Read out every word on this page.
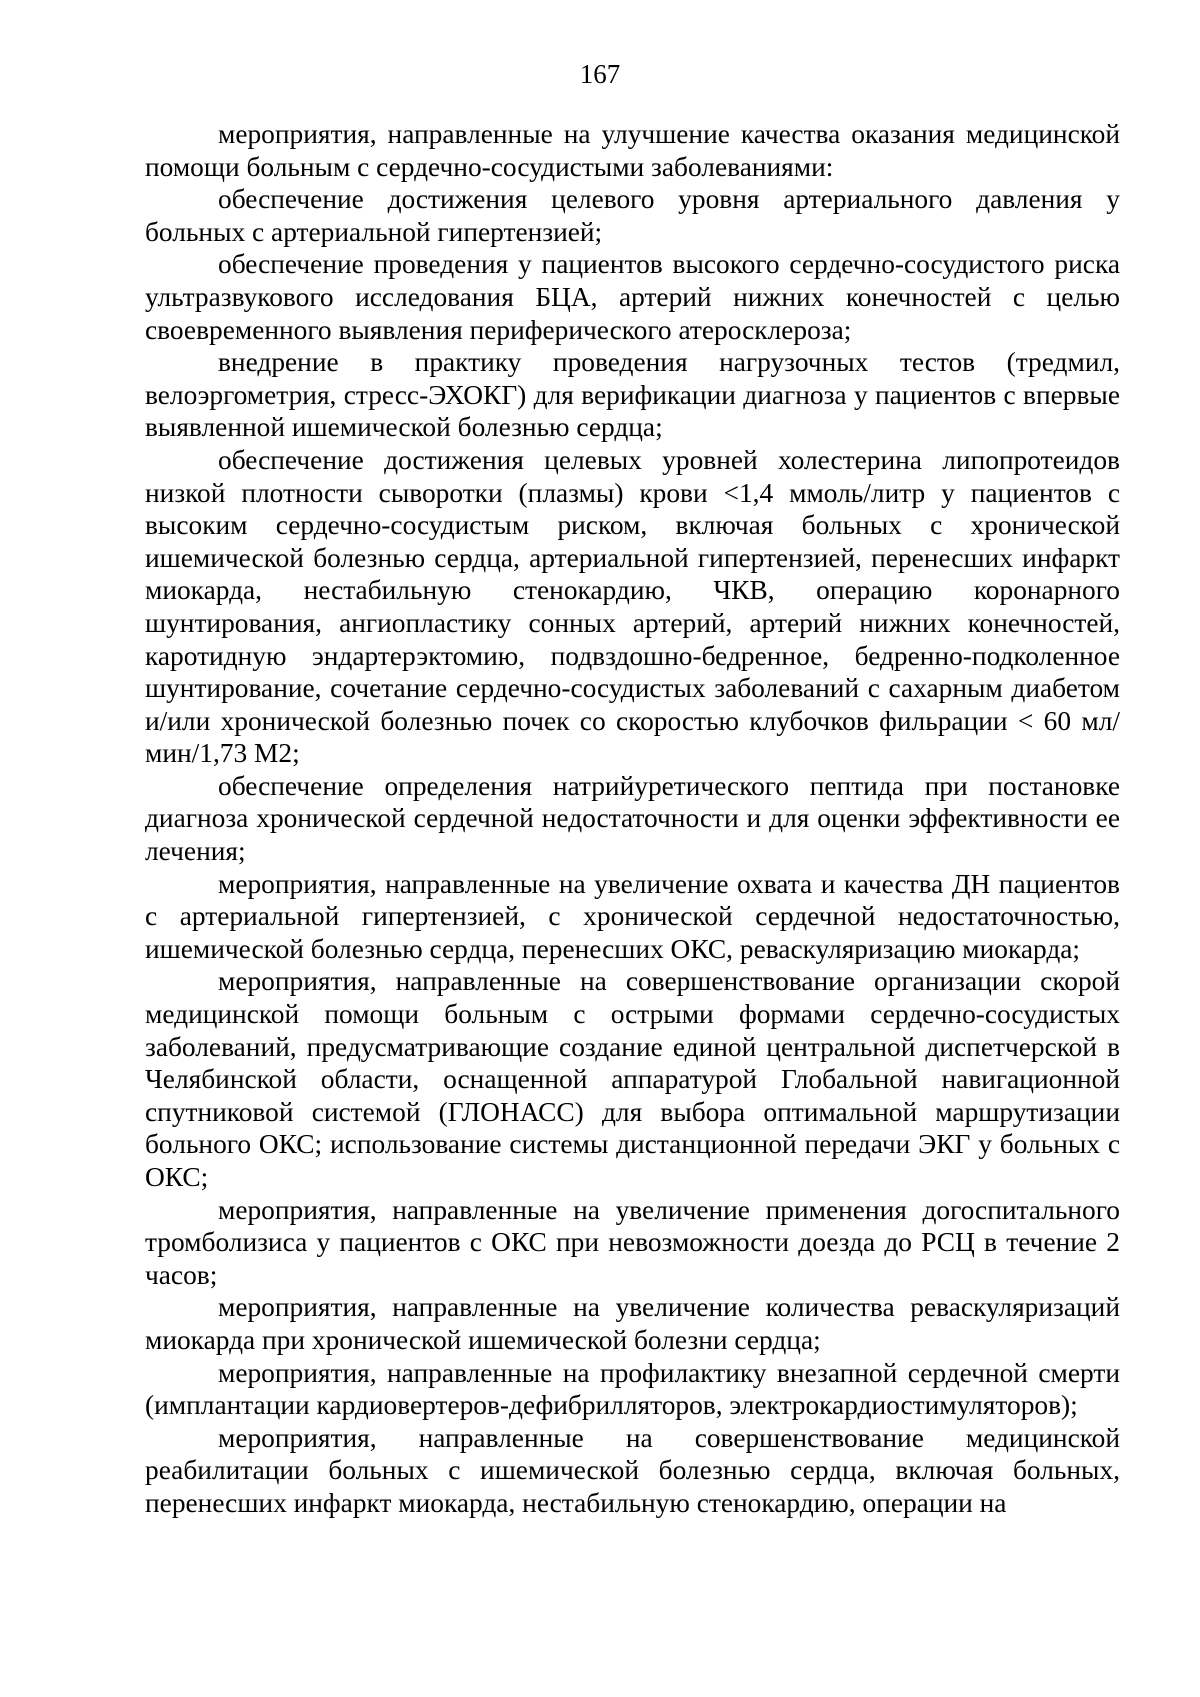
167

мероприятия, направленные на улучшение качества оказания медицинской помощи больным с сердечно-сосудистыми заболеваниями:

обеспечение достижения целевого уровня артериального давления у больных с артериальной гипертензией;

обеспечение проведения у пациентов высокого сердечно-сосудистого риска ультразвукового исследования БЦА, артерий нижних конечностей с целью своевременного выявления периферического атеросклероза;

внедрение в практику проведения нагрузочных тестов (тредмил, велоэргометрия, стресс-ЭХОКГ) для верификации диагноза у пациентов с впервые выявленной ишемической болезнью сердца;

обеспечение достижения целевых уровней холестерина липопротеидов низкой плотности сыворотки (плазмы) крови <1,4 ммоль/литр у пациентов с высоким сердечно-сосудистым риском, включая больных с хронической ишемической болезнью сердца, артериальной гипертензией, перенесших инфаркт миокарда, нестабильную стенокардию, ЧКВ, операцию коронарного шунтирования, ангиопластику сонных артерий, артерий нижних конечностей, каротидную эндартерэктомию, подвздошно-бедренное, бедренно-подколенное шунтирование, сочетание сердечно-сосудистых заболеваний с сахарным диабетом и/или хронической болезнью почек со скоростью клубочков фильрации < 60 мл/мин/1,73 М2;

обеспечение определения натрийуретического пептида при постановке диагноза хронической сердечной недостаточности и для оценки эффективности ее лечения;

мероприятия, направленные на увеличение охвата и качества ДН пациентов с артериальной гипертензией, с хронической сердечной недостаточностью, ишемической болезнью сердца, перенесших ОКС, реваскуляризацию миокарда;

мероприятия, направленные на совершенствование организации скорой медицинской помощи больным с острыми формами сердечно-сосудистых заболеваний, предусматривающие создание единой центральной диспетчерской в Челябинской области, оснащенной аппаратурой Глобальной навигационной спутниковой системой (ГЛОНАСС) для выбора оптимальной маршрутизации больного ОКС; использование системы дистанционной передачи ЭКГ у больных с ОКС;

мероприятия, направленные на увеличение применения догоспитального тромболизиса у пациентов с ОКС при невозможности доезда до РСЦ в течение 2 часов;

мероприятия, направленные на увеличение количества реваскуляризаций миокарда при хронической ишемической болезни сердца;

мероприятия, направленные на профилактику внезапной сердечной смерти (имплантации кардиовертеров-дефибрилляторов, электрокардиостимуляторов);

мероприятия, направленные на совершенствование медицинской реабилитации больных с ишемической болезнью сердца, включая больных, перенесших инфаркт миокарда, нестабильную стенокардию, операции на
